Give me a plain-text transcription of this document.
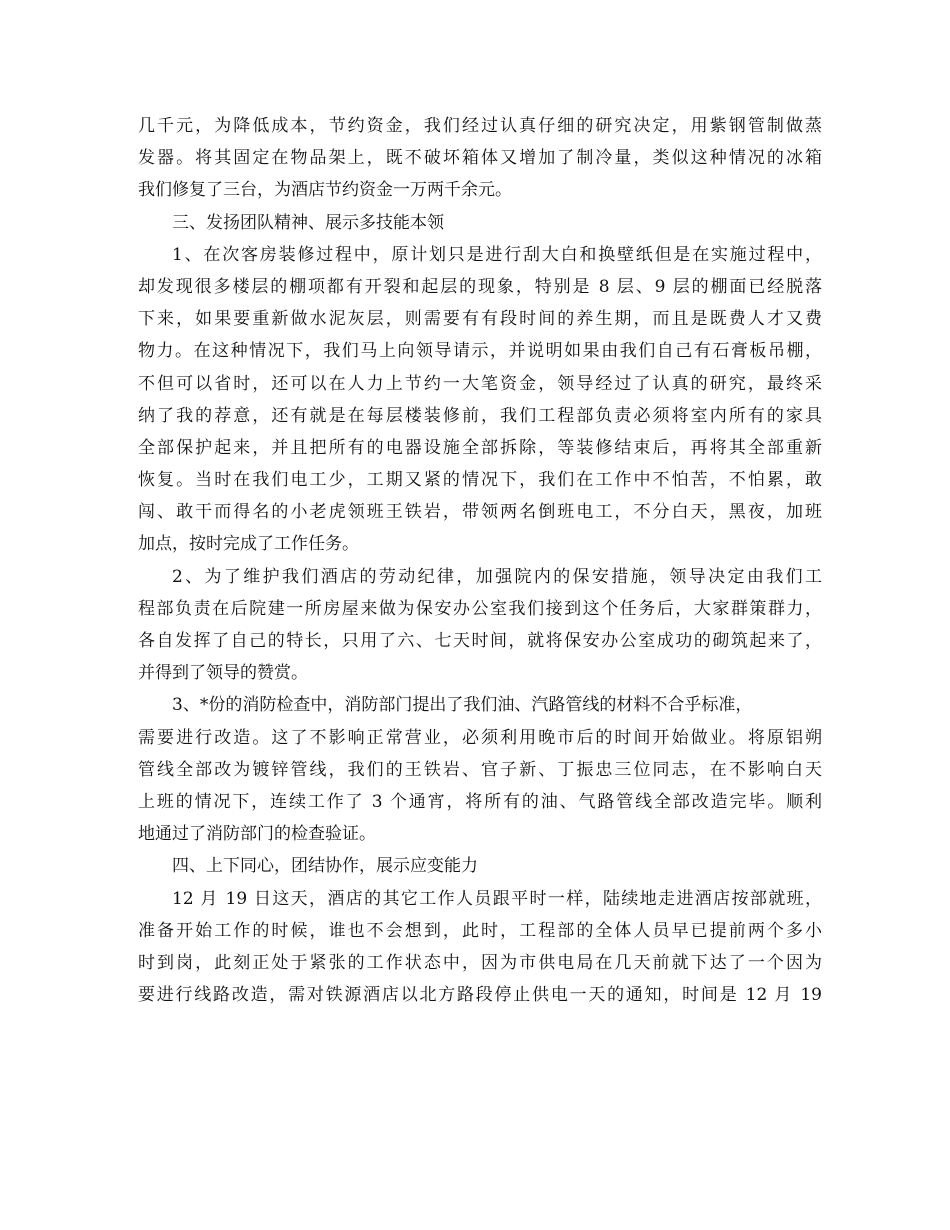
几千元，为降低成本，节约资金，我们经过认真仔细的研究决定，用紫钢管制做蒸
发器。将其固定在物品架上，既不破坏箱体又增加了制冷量，类似这种情况的冰箱
我们修复了三台，为酒店节约资金一万两千余元。
三、发扬团队精神、展示多技能本领
1、在次客房装修过程中，原计划只是进行刮大白和换壁纸但是在实施过程中，
却发现很多楼层的棚项都有开裂和起层的现象，特别是 8 层、9 层的棚面已经脱落
下来，如果要重新做水泥灰层，则需要有有段时间的养生期，而且是既费人才又费
物力。在这种情况下，我们马上向领导请示，并说明如果由我们自己有石膏板吊棚，
不但可以省时，还可以在人力上节约一大笔资金，领导经过了认真的研究，最终采
纳了我的荐意，还有就是在每层楼装修前，我们工程部负责必须将室内所有的家具
全部保护起来，并且把所有的电器设施全部拆除，等装修结束后，再将其全部重新
恢复。当时在我们电工少，工期又紧的情况下，我们在工作中不怕苦，不怕累，敢
闯、敢干而得名的小老虎领班王铁岩，带领两名倒班电工，不分白天，黑夜，加班
加点，按时完成了工作任务。
2、为了维护我们酒店的劳动纪律，加强院内的保安措施，领导决定由我们工
程部负责在后院建一所房屋来做为保安办公室我们接到这个任务后，大家群策群力，
各自发挥了自己的特长，只用了六、七天时间，就将保安办公室成功的砌筑起来了，
并得到了领导的赞赏。
3、*份的消防检查中，消防部门提出了我们油、汽路管线的材料不合乎标准，
需要进行改造。这了不影响正常营业，必须利用晚市后的时间开始做业。将原铝朔
管线全部改为镀锌管线，我们的王铁岩、官子新、丁振忠三位同志，在不影响白天
上班的情况下，连续工作了 3 个通宵，将所有的油、气路管线全部改造完毕。顺利
地通过了消防部门的检查验证。
四、上下同心，团结协作，展示应变能力
12 月 19 日这天，酒店的其它工作人员跟平时一样，陆续地走进酒店按部就班，
准备开始工作的时候，谁也不会想到，此时，工程部的全体人员早已提前两个多小
时到岗，此刻正处于紧张的工作状态中，因为市供电局在几天前就下达了一个因为
要进行线路改造，需对铁源酒店以北方路段停止供电一天的通知，时间是 12 月 19
